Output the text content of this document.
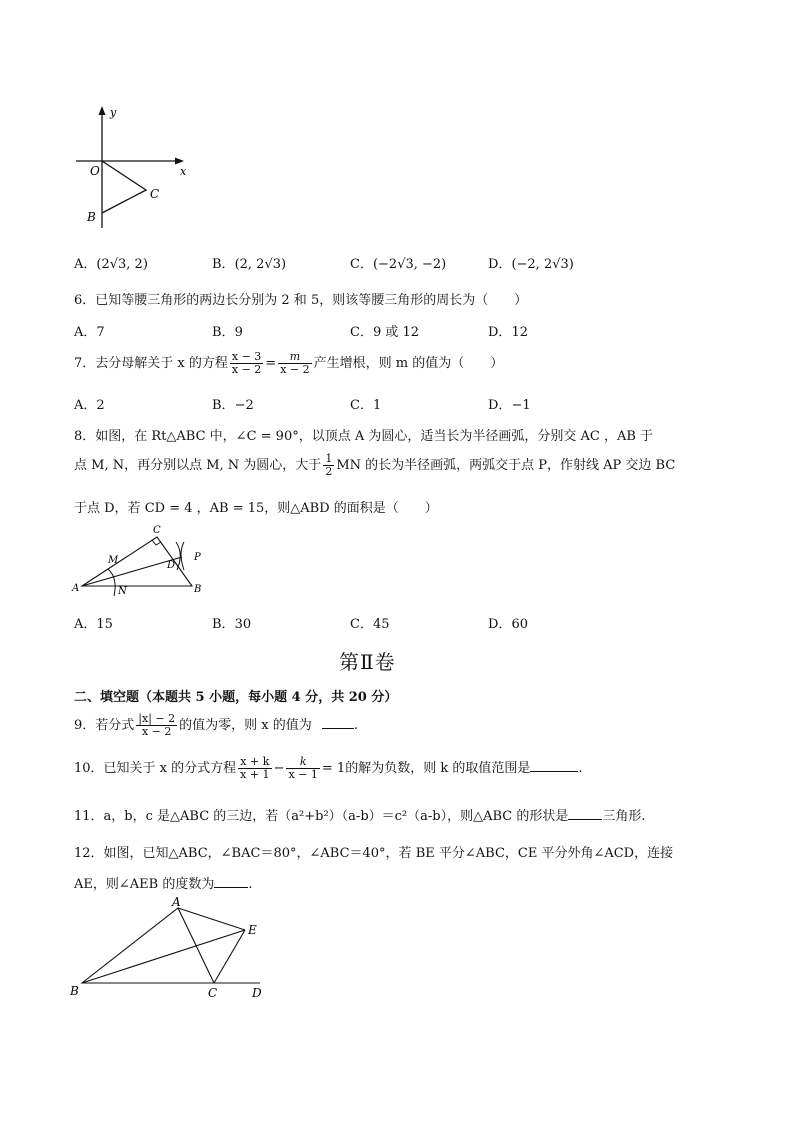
y
x
O
B
C
A．(2√3, 2)	B．(2, 2√3)	C．(−2√3, −2)	D．(−2, 2√3)
6．已知等腰三角形的两边长分别为 2 和 5，则该等腰三角形的周长为（　　）
A．7	B．9	C．9 或 12	D．12
7．去分母解关于 x 的方程 $\frac{x - 3}{x - 2} = \frac{m}{x - 2}$ 产生增根，则 m 的值为（　　）
A．2	B．−2	C．1	D．−1
8．如图，在 Rt△ABC 中，∠C = 90°，以顶点 A 为圆心，适当长为半径画弧，分别交 AC ，AB 于
点 M, N，再分别以点 M, N 为圆心，大于 $\frac{1}{2}$ MN 的长为半径画弧，两弧交于点 P，作射线 AP 交边 BC
于点 D，若 CD = 4 ，AB = 15，则△ABD 的面积是（　　）
A	B
C
D
M
N
P
A．15	B．30	C．45	D．60
第Ⅱ卷
二、填空题（本题共 5 小题，每小题 4 分，共 20 分）
9．若分式 $\frac{|x| - 2}{x - 2}$ 的值为零，则 x 的值为	.
10．已知关于 x 的分式方程 $\frac{x + k}{x + 1} - \frac{k}{x - 1} = 1$的解为负数，则 k 的取值范围是	.
11．a，b，c 是△ABC 的三边，若（a²+b²）（a-b）＝c²（a-b），则△ABC 的形状是	三角形.
12．如图，已知△ABC，∠BAC＝80°，∠ABC＝40°，若 BE 平分∠ABC，CE 平分外角∠ACD，连接
AE，则∠AEB 的度数为	.
A
B	C	D
E
